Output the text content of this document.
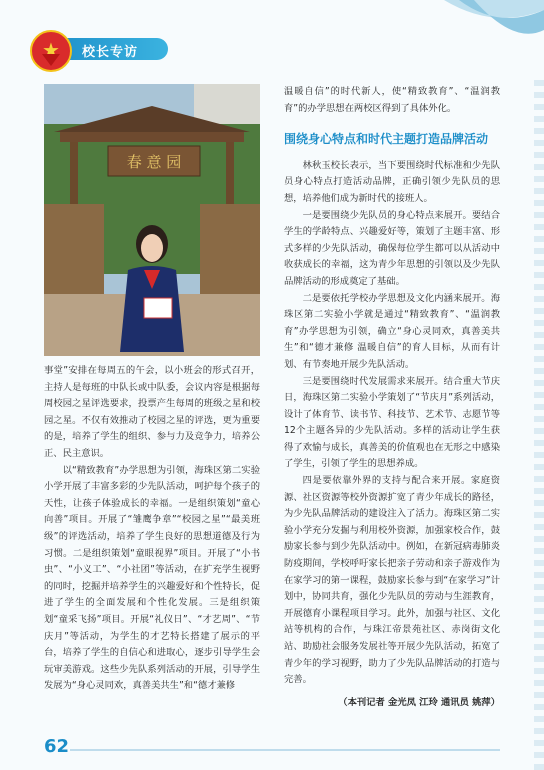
★	校长专访
春 意 园

事堂”安排在每周五的午会，以小班会的形式召开，主持人是每班的中队长或中队委，会议内容是根据每周校园之星评选要求，投票产生每周的班级之星和校园之星。不仅有效推动了校园之星的评选，更为重要的是，培养了学生的组织、参与力及竞争力，培养公正、民主意识。

以“精致教育”办学思想为引领，海珠区第二实验小学开展了丰富多彩的少先队活动，呵护每个孩子的天性，让孩子体验成长的幸福。一是组织策划“童心向善”项目。开展了“雏鹰争章”“校园之星”“最美班级”的评选活动，培养了学生良好的思想道德及行为习惯。二是组织策划“童眼视界”项目。开展了“小书虫”、“小义工”、“小社团”等活动，在扩充学生视野的同时，挖掘并培养学生的兴趣爱好和个性特长，促进了学生的全面发展和个性化发展。三是组织策划“童采飞扬”项目。开展“礼仪日”、“才艺周”、“节庆月”等活动，为学生的才艺特长搭建了展示的平台，培养了学生的自信心和进取心，逐步引导学生会玩审美游戏。这些少先队系列活动的开展，引导学生发展为“身心灵同欢，真善美共生”和“德才兼修

温暖自信”的时代新人，使“精致教育”、“温润教育”的办学思想在两校区得到了具体外化。

围绕身心特点和时代主题打造品牌活动

林秋玉校长表示，当下要围绕时代标准和少先队员身心特点打造活动品牌，正确引领少先队员的思想，培养他们成为新时代的接班人。

一是要围绕少先队员的身心特点来展开。要结合学生的学龄特点、兴趣爱好等，策划了主题丰富、形式多样的少先队活动，确保每位学生都可以从活动中收获成长的幸福，这为青少年思想的引领以及少先队品牌活动的形成奠定了基础。

二是要依托学校办学思想及文化内涵来展开。海珠区第二实验小学就是通过“精致教育”、“温润教育”办学思想为引领，确立“身心灵同欢，真善美共生”和“德才兼修 温暖自信”的育人目标，从而有计划、有节奏地开展少先队活动。

三是要围绕时代发展需求来展开。结合重大节庆日，海珠区第二实验小学策划了“节庆月”系列活动，设计了体育节、读书节、科技节、艺术节、志愿节等12个主题各异的少先队活动。多样的活动让学生获得了欢愉与成长，真善美的价值观也在无形之中感染了学生，引领了学生的思想养成。

四是要依靠外界的支持与配合来开展。家庭资源、社区资源等校外资源扩宽了青少年成长的路径，为少先队品牌活动的建设注入了活力。海珠区第二实验小学充分发掘与利用校外资源，加强家校合作，鼓励家长参与到少先队活动中。例如，在新冠病毒肺炎防疫期间，学校呼吁家长把亲子劳动和亲子游戏作为在家学习的第一课程，鼓励家长参与到“在家学习”计划中，协同共育，强化少先队员的劳动与生涯教育，开展德育小课程项目学习。此外，加强与社区、文化站等机构的合作，与珠江帝景苑社区、赤岗街文化站、助励社会服务发展社等开展少先队活动，拓宽了青少年的学习视野，助力了少先队品牌活动的打造与完善。

（本刊记者 金光凤 江玲 通讯员 姚萍）

62
